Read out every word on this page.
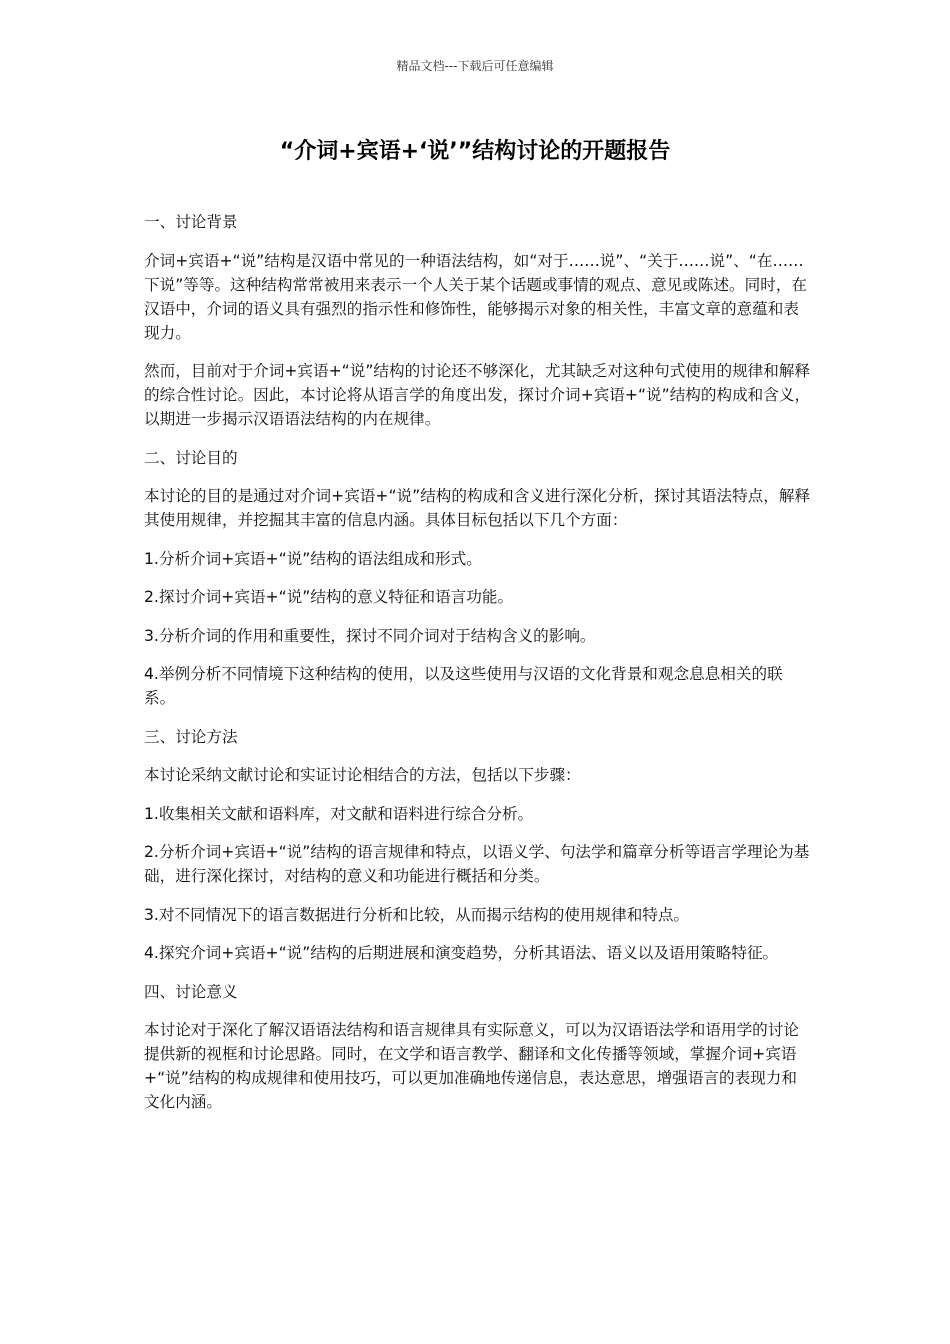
精品文档---下载后可任意编辑
“介词+宾语+‘说’”结构讨论的开题报告
一、讨论背景

介词+宾语+“说”结构是汉语中常见的一种语法结构，如“对于……说”、“关于……说”、“在……下说”等等。这种结构常常被用来表示一个人关于某个话题或事情的观点、意见或陈述。同时，在汉语中，介词的语义具有强烈的指示性和修饰性，能够揭示对象的相关性，丰富文章的意蕴和表现力。

然而，目前对于介词+宾语+“说”结构的讨论还不够深化，尤其缺乏对这种句式使用的规律和解释的综合性讨论。因此，本讨论将从语言学的角度出发，探讨介词+宾语+“说”结构的构成和含义，以期进一步揭示汉语语法结构的内在规律。

二、讨论目的

本讨论的目的是通过对介词+宾语+“说”结构的构成和含义进行深化分析，探讨其语法特点，解释其使用规律，并挖掘其丰富的信息内涵。具体目标包括以下几个方面：

1.分析介词+宾语+“说”结构的语法组成和形式。

2.探讨介词+宾语+“说”结构的意义特征和语言功能。

3.分析介词的作用和重要性，探讨不同介词对于结构含义的影响。

4.举例分析不同情境下这种结构的使用，以及这些使用与汉语的文化背景和观念息息相关的联系。

三、讨论方法

本讨论采纳文献讨论和实证讨论相结合的方法，包括以下步骤：

1.收集相关文献和语料库，对文献和语料进行综合分析。

2.分析介词+宾语+“说”结构的语言规律和特点，以语义学、句法学和篇章分析等语言学理论为基础，进行深化探讨，对结构的意义和功能进行概括和分类。

3.对不同情况下的语言数据进行分析和比较，从而揭示结构的使用规律和特点。

4.探究介词+宾语+“说”结构的后期进展和演变趋势，分析其语法、语义以及语用策略特征。

四、讨论意义

本讨论对于深化了解汉语语法结构和语言规律具有实际意义，可以为汉语语法学和语用学的讨论提供新的视框和讨论思路。同时，在文学和语言教学、翻译和文化传播等领域，掌握介词+宾语+“说”结构的构成规律和使用技巧，可以更加准确地传递信息，表达意思，增强语言的表现力和文化内涵。
